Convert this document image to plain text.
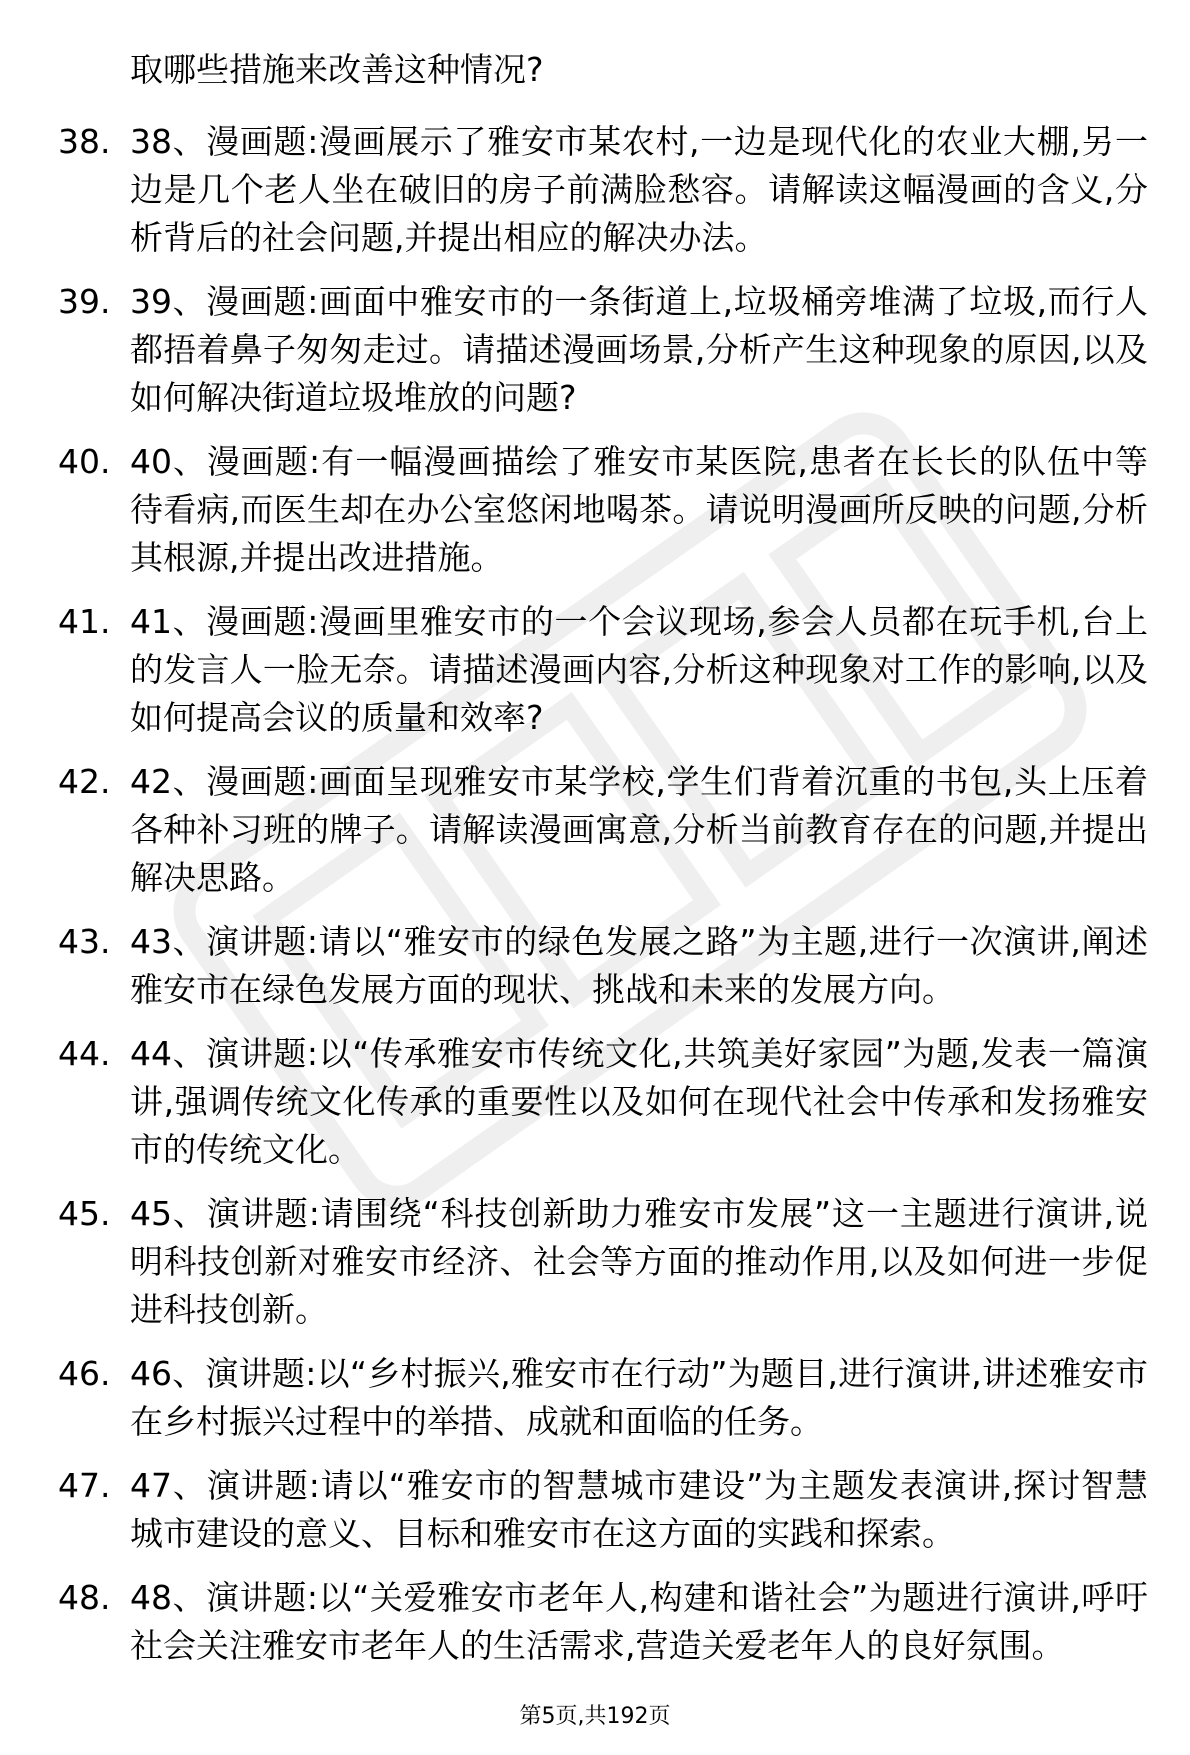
取哪些措施来改善这种情况?
38. 38、漫画题:漫画展示了雅安市某农村,一边是现代化的农业大棚,另一边是几个老人坐在破旧的房子前满脸愁容。请解读这幅漫画的含义,分析背后的社会问题,并提出相应的解决办法。
39. 39、漫画题:画面中雅安市的一条街道上,垃圾桶旁堆满了垃圾,而行人都捂着鼻子匆匆走过。请描述漫画场景,分析产生这种现象的原因,以及如何解决街道垃圾堆放的问题?
40. 40、漫画题:有一幅漫画描绘了雅安市某医院,患者在长长的队伍中等待看病,而医生却在办公室悠闲地喝茶。请说明漫画所反映的问题,分析其根源,并提出改进措施。
41. 41、漫画题:漫画里雅安市的一个会议现场,参会人员都在玩手机,台上的发言人一脸无奈。请描述漫画内容,分析这种现象对工作的影响,以及如何提高会议的质量和效率?
42. 42、漫画题:画面呈现雅安市某学校,学生们背着沉重的书包,头上压着各种补习班的牌子。请解读漫画寓意,分析当前教育存在的问题,并提出解决思路。
43. 43、演讲题:请以“雅安市的绿色发展之路”为主题,进行一次演讲,阐述雅安市在绿色发展方面的现状、挑战和未来的发展方向。
44. 44、演讲题:以“传承雅安市传统文化,共筑美好家园”为题,发表一篇演讲,强调传统文化传承的重要性以及如何在现代社会中传承和发扬雅安市的传统文化。
45. 45、演讲题:请围绕“科技创新助力雅安市发展”这一主题进行演讲,说明科技创新对雅安市经济、社会等方面的推动作用,以及如何进一步促进科技创新。
46. 46、演讲题:以“乡村振兴,雅安市在行动”为题目,进行演讲,讲述雅安市在乡村振兴过程中的举措、成就和面临的任务。
47. 47、演讲题:请以“雅安市的智慧城市建设”为主题发表演讲,探讨智慧城市建设的意义、目标和雅安市在这方面的实践和探索。
48. 48、演讲题:以“关爱雅安市老年人,构建和谐社会”为题进行演讲,呼吁社会关注雅安市老年人的生活需求,营造关爱老年人的良好氛围。
第5页,共192页
